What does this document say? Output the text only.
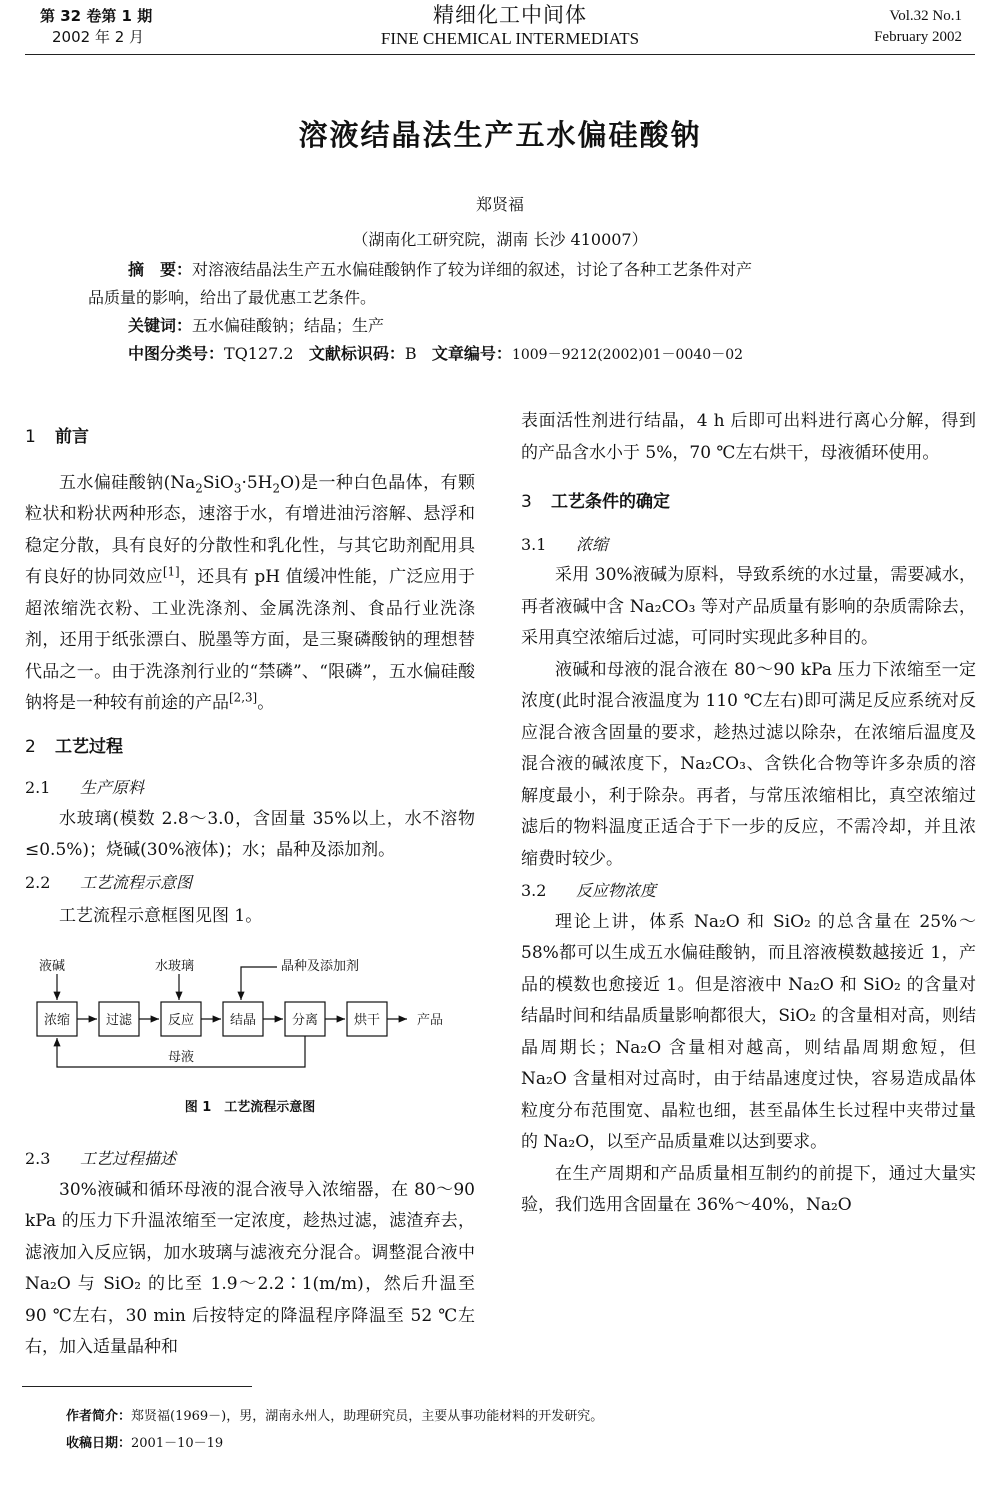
第 32 卷第 1 期
2002 年 2 月
精细化工中间体
FINE CHEMICAL INTERMEDIATS
Vol.32 No.1
February 2002
溶液结晶法生产五水偏硅酸钠
郑贤福
（湖南化工研究院，湖南 长沙 410007）
摘　要：对溶液结晶法生产五水偏硅酸钠作了较为详细的叙述，讨论了各种工艺条件对产
品质量的影响，给出了最优惠工艺条件。
关键词：五水偏硅酸钠；结晶；生产
中图分类号：TQ127.2 文献标识码：B 文章编号：1009－9212(2002)01－0040－02
1 前言
五水偏硅酸钠$(Na_2SiO_3\cdot 5H_2O)$是一种白色晶体，有颗粒状和粉状两种形态，速溶于水，有增进油污溶解、悬浮和稳定分散，具有良好的分散性和乳化性，与其它助剂配用具有良好的协同效应[1]，还具有 pH 值缓冲性能，广泛应用于超浓缩洗衣粉、工业洗涤剂、金属洗涤剂、食品行业洗涤剂，还用于纸张漂白、脱墨等方面，是三聚磷酸钠的理想替代品之一。由于洗涤剂行业的“禁磷”、“限磷”，五水偏硅酸钠将是一种较有前途的产品[2,3]。
2 工艺过程
2.1 生产原料
水玻璃(模数 2.8～3.0，含固量 35%以上，水不溶物≤0.5%)；烧碱(30%液体)；水；晶种及添加剂。
2.2 工艺流程示意图
工艺流程示意框图见图 1。
液碱	水玻璃	晶种及添加剂
浓缩	过滤	反应	结晶	分离	烘干	产品
母液
图 1　工艺流程示意图
2.3 工艺过程描述
30%液碱和循环母液的混合液导入浓缩器，在 80～90 kPa 的压力下升温浓缩至一定浓度，趁热过滤，滤渣弃去，滤液加入反应锅，加水玻璃与滤液充分混合。调整混合液中 Na₂O 与 SiO₂ 的比至 1.9～2.2∶1(m/m)，然后升温至 90 ℃左右，30 min 后按特定的降温程序降温至 52 ℃左右，加入适量晶种和
表面活性剂进行结晶，4 h 后即可出料进行离心分解，得到的产品含水小于 5%，70 ℃左右烘干，母液循环使用。
3 工艺条件的确定
3.1 浓缩
采用 30%液碱为原料，导致系统的水过量，需要减水，再者液碱中含 Na₂CO₃ 等对产品质量有影响的杂质需除去，采用真空浓缩后过滤，可同时实现此多种目的。
液碱和母液的混合液在 80～90 kPa 压力下浓缩至一定浓度(此时混合液温度为 110 ℃左右)即可满足反应系统对反应混合液含固量的要求，趁热过滤以除杂，在浓缩后温度及混合液的碱浓度下，Na₂CO₃、含铁化合物等许多杂质的溶解度最小，利于除杂。再者，与常压浓缩相比，真空浓缩过滤后的物料温度正适合于下一步的反应，不需冷却，并且浓缩费时较少。
3.2 反应物浓度
理论上讲，体系 Na₂O 和 SiO₂ 的总含量在 25%～58%都可以生成五水偏硅酸钠，而且溶液模数越接近 1，产品的模数也愈接近 1。但是溶液中 Na₂O 和 SiO₂ 的含量对结晶时间和结晶质量影响都很大，SiO₂ 的含量相对高，则结晶周期长；Na₂O 含量相对越高，则结晶周期愈短，但 Na₂O 含量相对过高时，由于结晶速度过快，容易造成晶体粒度分布范围宽、晶粒也细，甚至晶体生长过程中夹带过量的 Na₂O，以至产品质量难以达到要求。
在生产周期和产品质量相互制约的前提下，通过大量实验，我们选用含固量在 36%～40%，Na₂O
作者简介：郑贤福(1969－)，男，湖南永州人，助理研究员，主要从事功能材料的开发研究。
收稿日期：2001－10－19
